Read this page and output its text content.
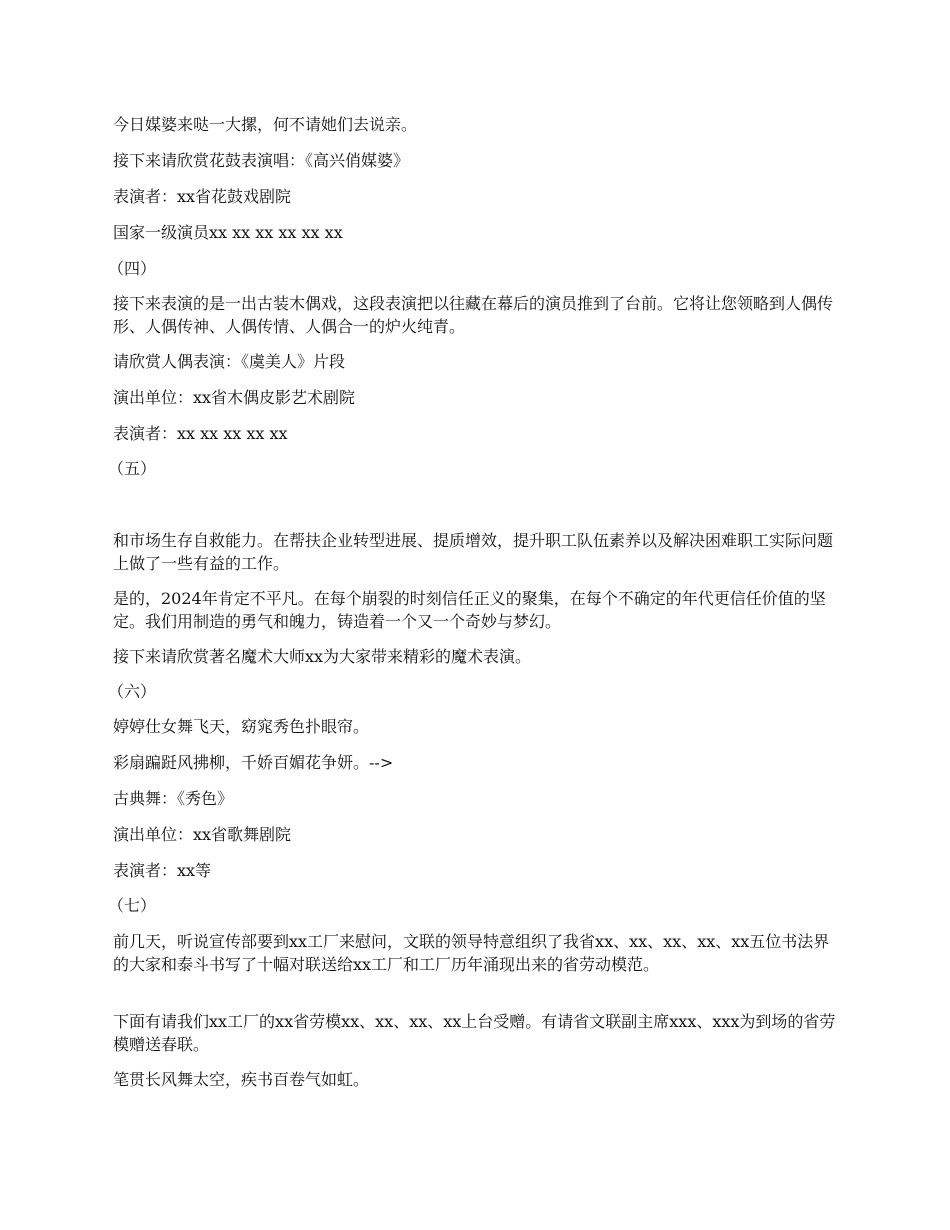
今日媒婆来哒一大摞，何不请她们去说亲。

接下来请欣赏花鼓表演唱：《高兴俏媒婆》

表演者：xx省花鼓戏剧院

国家一级演员xx xx xx xx xx xx

（四）

接下来表演的是一出古装木偶戏，这段表演把以往藏在幕后的演员推到了台前。它将让您领略到人偶传形、人偶传神、人偶传情、人偶合一的炉火纯青。

请欣赏人偶表演：《虞美人》片段

演出单位：xx省木偶皮影艺术剧院

表演者：xx xx xx xx xx

（五）

和市场生存自救能力。在帮扶企业转型进展、提质增效，提升职工队伍素养以及解决困难职工实际问题上做了一些有益的工作。

是的，2024年肯定不平凡。在每个崩裂的时刻信任正义的聚集，在每个不确定的年代更信任价值的坚定。我们用制造的勇气和魄力，铸造着一个又一个奇妙与梦幻。

接下来请欣赏著名魔术大师xx为大家带来精彩的魔术表演。

（六）

婷婷仕女舞飞天，窈窕秀色扑眼帘。

彩扇蹁跹风拂柳，千娇百媚花争妍。-->

古典舞：《秀色》

演出单位：xx省歌舞剧院

表演者：xx等

（七）

前几天，听说宣传部要到xx工厂来慰问，文联的领导特意组织了我省xx、xx、xx、xx、xx五位书法界的大家和泰斗书写了十幅对联送给xx工厂和工厂历年涌现出来的省劳动模范。

下面有请我们xx工厂的xx省劳模xx、xx、xx、xx上台受赠。有请省文联副主席xxx、xxx为到场的省劳模赠送春联。

笔贯长风舞太空，疾书百卷气如虹。
